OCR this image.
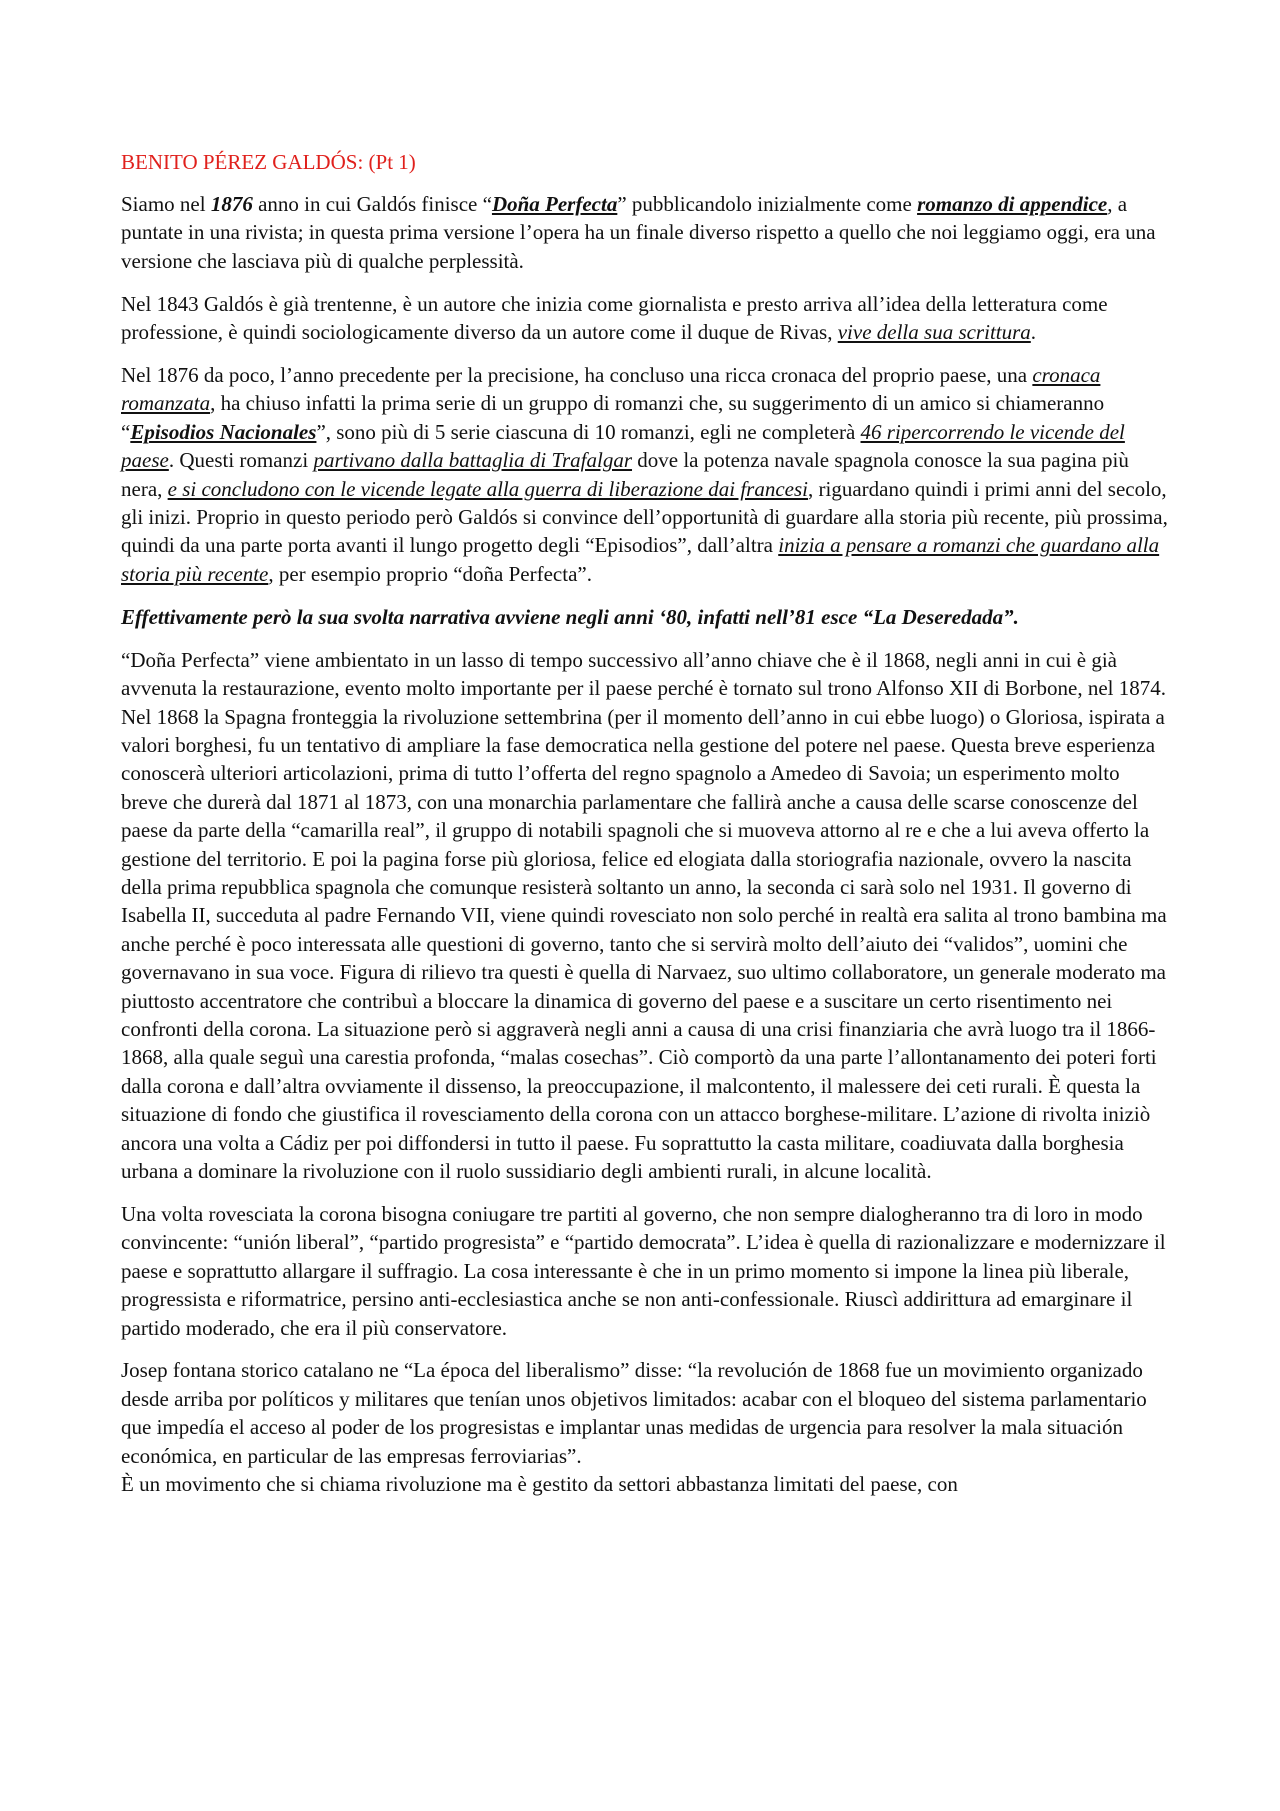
BENITO PÉREZ GALDÓS: (Pt 1)

Siamo nel 1876 anno in cui Galdós finisce “Doña Perfecta” pubblicandolo inizialmente come romanzo di appendice, a puntate in una rivista; in questa prima versione l’opera ha un finale diverso rispetto a quello che noi leggiamo oggi, era una versione che lasciava più di qualche perplessità.

Nel 1843 Galdós è già trentenne, è un autore che inizia come giornalista e presto arriva all’idea della letteratura come professione, è quindi sociologicamente diverso da un autore come il duque de Rivas, vive della sua scrittura.

Nel 1876 da poco, l’anno precedente per la precisione, ha concluso una ricca cronaca del proprio paese, una cronaca romanzata, ha chiuso infatti la prima serie di un gruppo di romanzi che, su suggerimento di un amico si chiameranno “Episodios Nacionales”, sono più di 5 serie ciascuna di 10 romanzi, egli ne completerà 46 ripercorrendo le vicende del paese. Questi romanzi partivano dalla battaglia di Trafalgar dove la potenza navale spagnola conosce la sua pagina più nera, e si concludono con le vicende legate alla guerra di liberazione dai francesi, riguardano quindi i primi anni del secolo, gli inizi. Proprio in questo periodo però Galdós si convince dell’opportunità di guardare alla storia più recente, più prossima, quindi da una parte porta avanti il lungo progetto degli “Episodios”, dall’altra inizia a pensare a romanzi che guardano alla storia più recente, per esempio proprio “doña Perfecta”.

Effettivamente però la sua svolta narrativa avviene negli anni ‘80, infatti nell’81 esce “La Deseredada”.

“Doña Perfecta” viene ambientato in un lasso di tempo successivo all’anno chiave che è il 1868, negli anni in cui è già avvenuta la restaurazione, evento molto importante per il paese perché è tornato sul trono Alfonso XII di Borbone, nel 1874. Nel 1868 la Spagna fronteggia la rivoluzione settembrina (per il momento dell’anno in cui ebbe luogo) o Gloriosa, ispirata a valori borghesi, fu un tentativo di ampliare la fase democratica nella gestione del potere nel paese. Questa breve esperienza conoscerà ulteriori articolazioni, prima di tutto l’offerta del regno spagnolo a Amedeo di Savoia; un esperimento molto breve che durerà dal 1871 al 1873, con una monarchia parlamentare che fallirà anche a causa delle scarse conoscenze del paese da parte della “camarilla real”, il gruppo di notabili spagnoli che si muoveva attorno al re e che a lui aveva offerto la gestione del territorio. E poi la pagina forse più gloriosa, felice ed elogiata dalla storiografia nazionale, ovvero la nascita della prima repubblica spagnola che comunque resisterà soltanto un anno, la seconda ci sarà solo nel 1931. Il governo di Isabella II, succeduta al padre Fernando VII, viene quindi rovesciato non solo perché in realtà era salita al trono bambina ma anche perché è poco interessata alle questioni di governo, tanto che si servirà molto dell’aiuto dei “validos”, uomini che governavano in sua voce. Figura di rilievo tra questi è quella di Narvaez, suo ultimo collaboratore, un generale moderato ma piuttosto accentratore che contribuì a bloccare la dinamica di governo del paese e a suscitare un certo risentimento nei confronti della corona. La situazione però si aggraverà negli anni a causa di una crisi finanziaria che avrà luogo tra il 1866-1868, alla quale seguì una carestia profonda, “malas cosechas”. Ciò comportò da una parte l’allontanamento dei poteri forti dalla corona e dall’altra ovviamente il dissenso, la preoccupazione, il malcontento, il malessere dei ceti rurali. È questa la situazione di fondo che giustifica il rovesciamento della corona con un attacco borghese-militare. L’azione di rivolta iniziò ancora una volta a Cádiz per poi diffondersi in tutto il paese. Fu soprattutto la casta militare, coadiuvata dalla borghesia urbana a dominare la rivoluzione con il ruolo sussidiario degli ambienti rurali, in alcune località.

Una volta rovesciata la corona bisogna coniugare tre partiti al governo, che non sempre dialogheranno tra di loro in modo convincente: “unión liberal”, “partido progresista” e “partido democrata”. L’idea è quella di razionalizzare e modernizzare il paese e soprattutto allargare il suffragio. La cosa interessante è che in un primo momento si impone la linea più liberale, progressista e riformatrice, persino anti-ecclesiastica anche se non anti-confessionale. Riuscì addirittura ad emarginare il partido moderado, che era il più conservatore.

Josep fontana storico catalano ne “La época del liberalismo” disse: “la revolución de 1868 fue un movimiento organizado desde arriba por políticos y militares que tenían unos objetivos limitados: acabar con el bloqueo del sistema parlamentario que impedía el acceso al poder de los progresistas e implantar unas medidas de urgencia para resolver la mala situación económica, en particular de las empresas ferroviarias”.

È un movimento che si chiama rivoluzione ma è gestito da settori abbastanza limitati del paese, con
